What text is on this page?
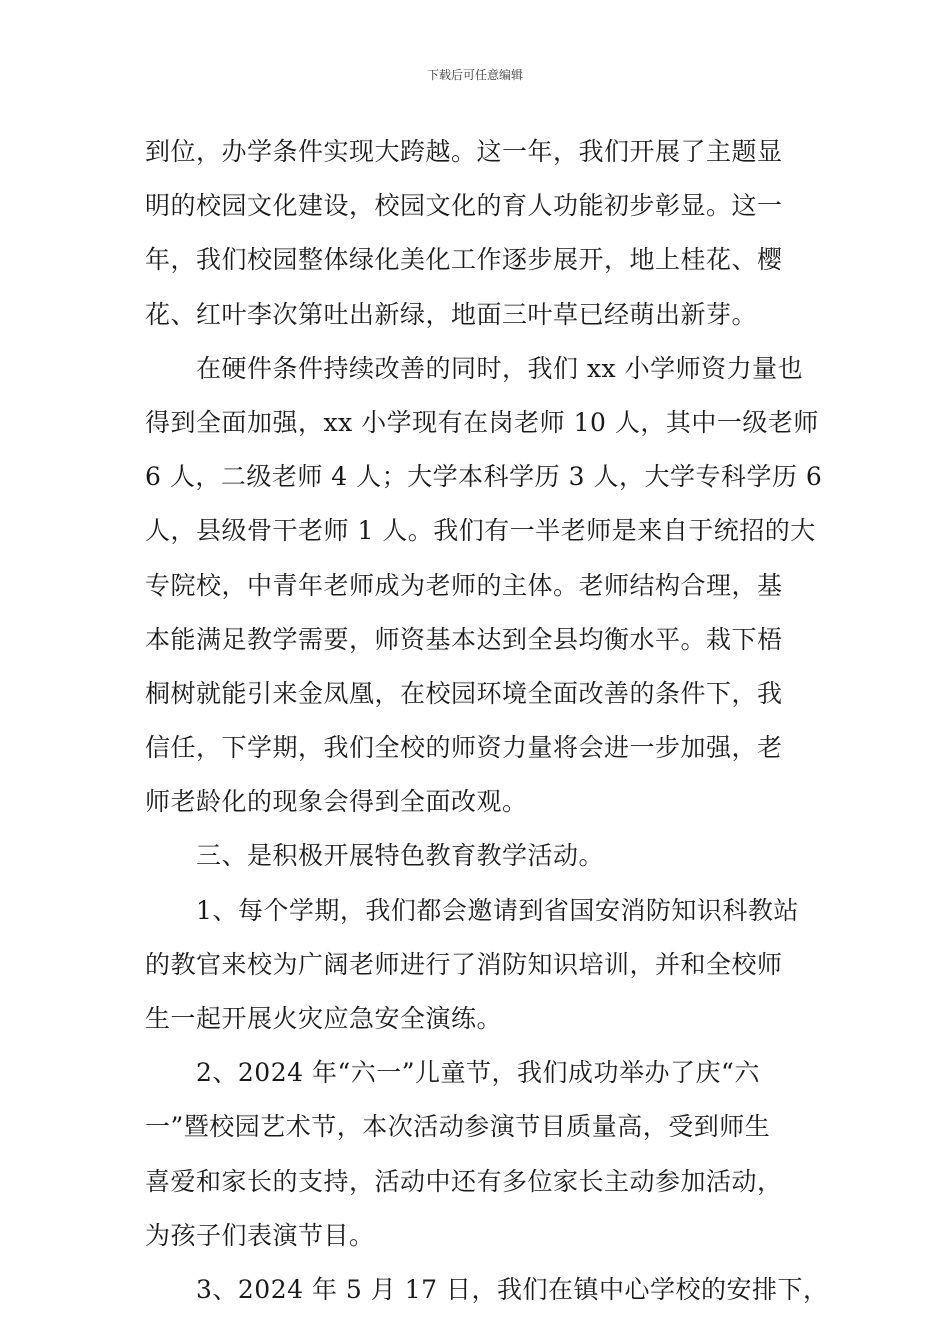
下载后可任意编辑
到位，办学条件实现大跨越。这一年，我们开展了主题显
明的校园文化建设，校园文化的育人功能初步彰显。这一
年，我们校园整体绿化美化工作逐步展开，地上桂花、樱
花、红叶李次第吐出新绿，地面三叶草已经萌出新芽。
　　在硬件条件持续改善的同时，我们 xx 小学师资力量也
得到全面加强，xx 小学现有在岗老师 10 人，其中一级老师
6 人，二级老师 4 人；大学本科学历 3 人，大学专科学历 6
人，县级骨干老师 1 人。我们有一半老师是来自于统招的大
专院校，中青年老师成为老师的主体。老师结构合理，基
本能满足教学需要，师资基本达到全县均衡水平。栽下梧
桐树就能引来金凤凰，在校园环境全面改善的条件下，我
信任，下学期，我们全校的师资力量将会进一步加强，老
师老龄化的现象会得到全面改观。
　　三、是积极开展特色教育教学活动。
　　1、每个学期，我们都会邀请到省国安消防知识科教站
的教官来校为广阔老师进行了消防知识培训，并和全校师
生一起开展火灾应急安全演练。
　　2、2024 年“六一”儿童节，我们成功举办了庆“六
一”暨校园艺术节，本次活动参演节目质量高，受到师生
喜爱和家长的支持，活动中还有多位家长主动参加活动，
为孩子们表演节目。
　　3、2024 年 5 月 17 日，我们在镇中心学校的安排下，
